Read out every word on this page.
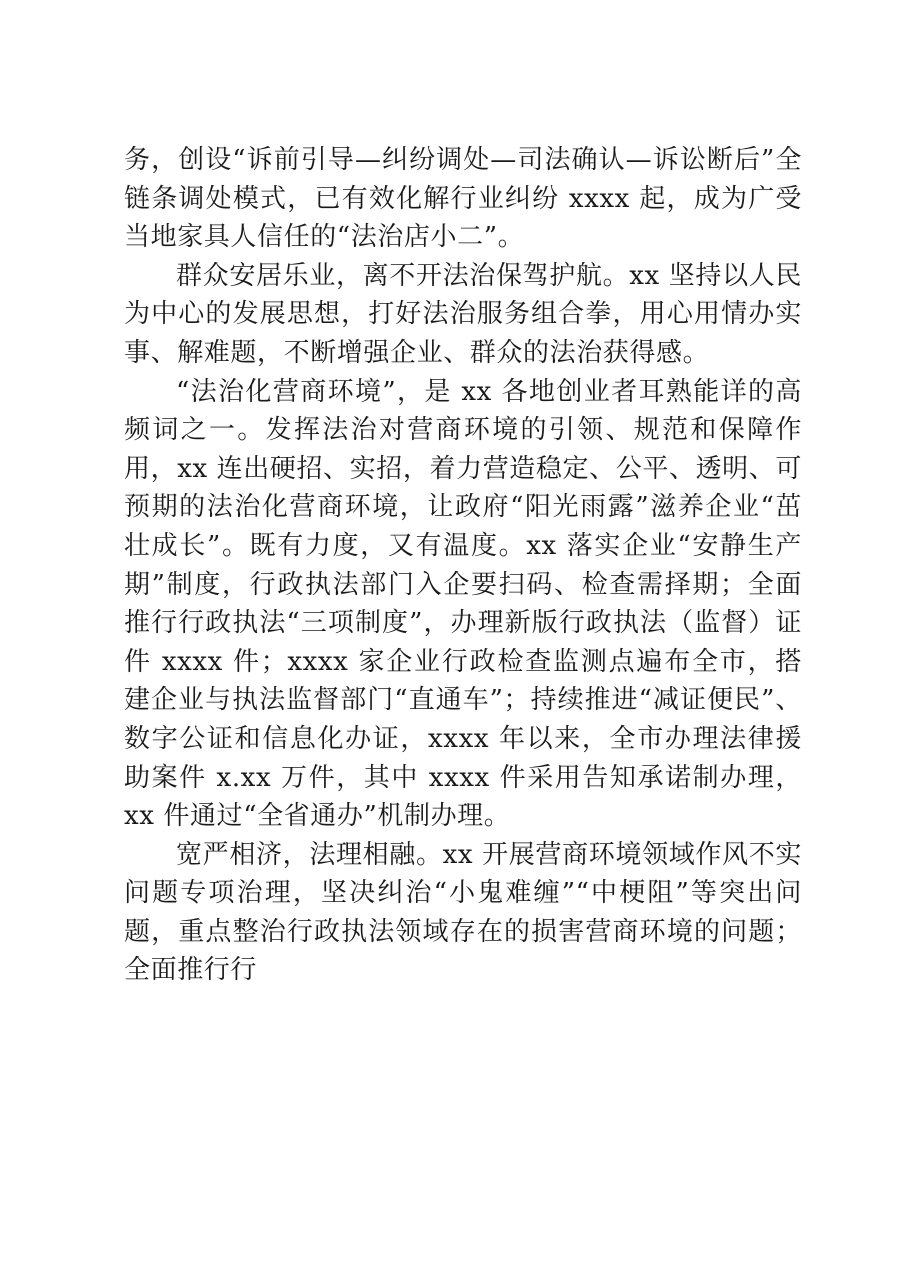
务，创设“诉前引导—纠纷调处—司法确认—诉讼断后”全链条调处模式，已有效化解行业纠纷 xxxx 起，成为广受当地家具人信任的“法治店小二”。

群众安居乐业，离不开法治保驾护航。xx 坚持以人民为中心的发展思想，打好法治服务组合拳，用心用情办实事、解难题，不断增强企业、群众的法治获得感。

“法治化营商环境”，是 xx 各地创业者耳熟能详的高频词之一。发挥法治对营商环境的引领、规范和保障作用，xx 连出硬招、实招，着力营造稳定、公平、透明、可预期的法治化营商环境，让政府“阳光雨露”滋养企业“茁壮成长”。既有力度，又有温度。xx 落实企业“安静生产期”制度，行政执法部门入企要扫码、检查需择期；全面推行行政执法“三项制度”，办理新版行政执法（监督）证件 xxxx 件；xxxx 家企业行政检查监测点遍布全市，搭建企业与执法监督部门“直通车”；持续推进“减证便民”、数字公证和信息化办证，xxxx 年以来，全市办理法律援助案件 x.xx 万件，其中 xxxx 件采用告知承诺制办理，xx 件通过“全省通办”机制办理。

宽严相济，法理相融。xx 开展营商环境领域作风不实问题专项治理，坚决纠治“小鬼难缠”“中梗阻”等突出问题，重点整治行政执法领域存在的损害营商环境的问题；全面推行行
